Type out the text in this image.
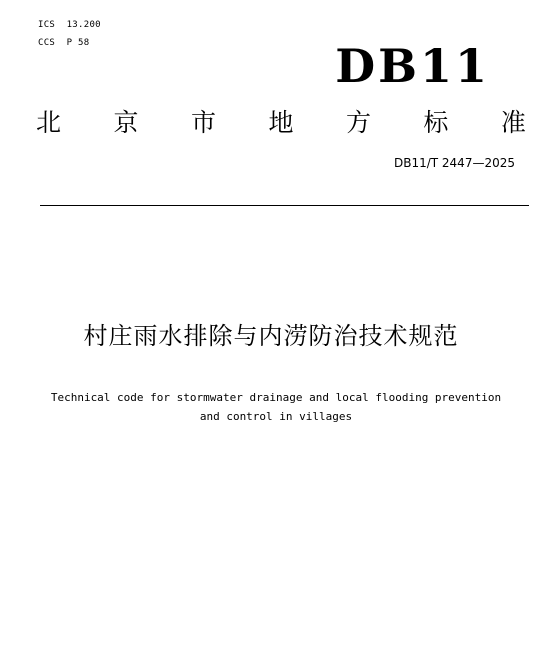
ICS  13.200
CCS  P 58	DB11
北 京 市 地 方 标 准
DB11/T 2447—2025
村庄雨水排除与内涝防治技术规范
Technical code for stormwater drainage and local flooding prevention
and control in villages
